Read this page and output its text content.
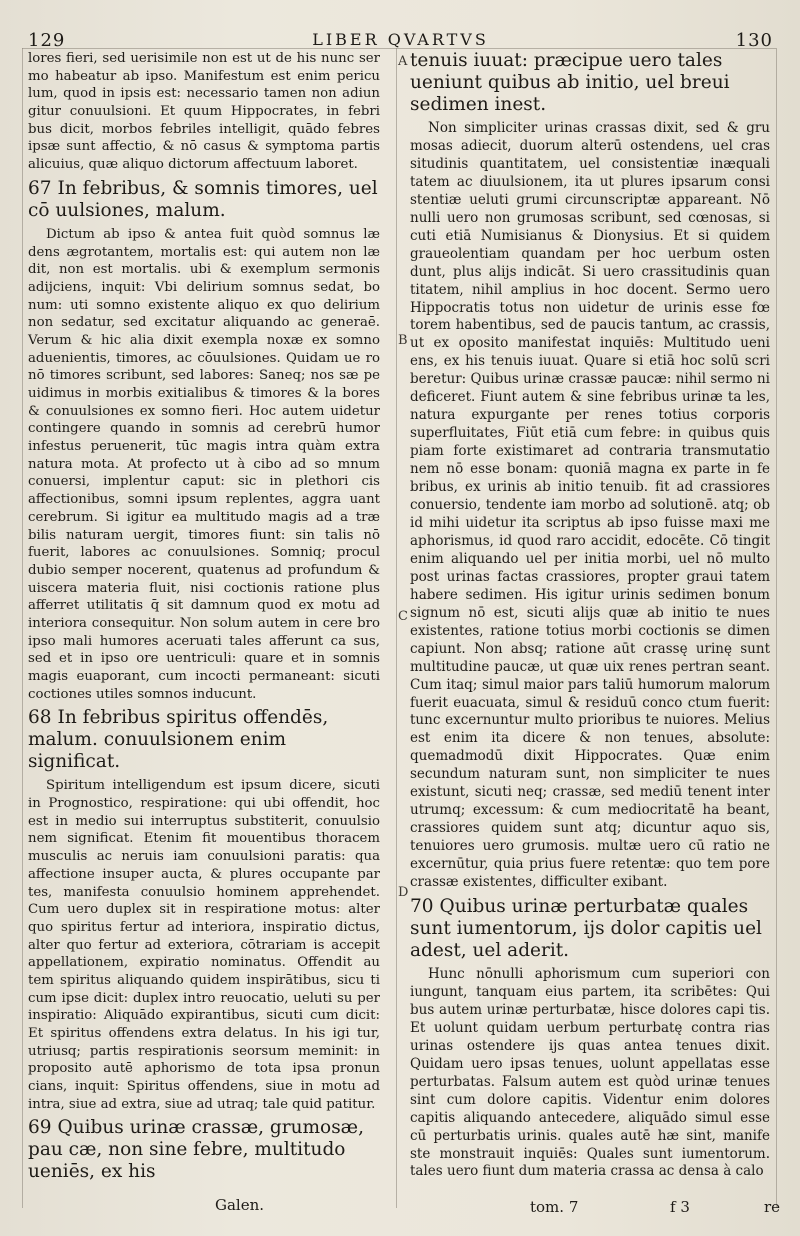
129	LIBER QVARTVS	130
A
B
C
D

lores fieri, sed uerisimile non est ut de his nunc ser mo habeatur ab ipso. Manifestum est enim pericu lum, quod in ipsis est: necessario tamen non adiun gitur conuulsioni. Et quum Hippocrates, in febri bus dicit, morbos febriles intelligit, quādo febres ipsæ sunt affectio, & nō casus & symptoma partis alicuius, quæ aliquo dictorum affectuum laboret.

67 In febribus, & somnis timores, uel cō uulsiones, malum.

Dictum ab ipso & antea fuit quòd somnus læ dens ægrotantem, mortalis est: qui autem non læ dit, non est mortalis. ubi & exemplum sermonis adijciens, inquit: Vbi delirium somnus sedat, bo num: uti somno existente aliquo ex quo delirium non sedatur, sed excitatur aliquando ac generaē. Verum & hic alia dixit exempla noxæ ex somno aduenientis, timores, ac cōuulsiones. Quidam ue ro nō timores scribunt, sed labores: Saneq; nos sæ pe uidimus in morbis exitialibus & timores & la bores & conuulsiones ex somno fieri. Hoc autem uidetur contingere quando in somnis ad cerebrū humor infestus peruenerit, tūc magis intra quàm extra natura mota. At profecto ut à cibo ad so mnum conuersi, implentur caput: sic in plethori cis affectionibus, somni ipsum replentes, aggra uant cerebrum. Si igitur ea multitudo magis ad a træ bilis naturam uergit, timores fiunt: sin talis nō fuerit, labores ac conuulsiones. Somniq; procul dubio semper nocerent, quatenus ad profundum & uiscera materia fluit, nisi coctionis ratione plus afferret utilitatis q̄ sit damnum quod ex motu ad interiora consequitur. Non solum autem in cere bro ipso mali humores aceruati tales afferunt ca sus, sed et in ipso ore uentriculi: quare et in somnis magis euaporant, cum incocti permaneant: sicuti coctiones utiles somnos inducunt.

68 In febribus spiritus offendēs, malum. conuulsionem enim significat.

Spiritum intelligendum est ipsum dicere, sicuti in Prognostico, respiratione: qui ubi offendit, hoc est in medio sui interruptus substiterit, conuulsio nem significat. Etenim fit mouentibus thoracem musculis ac neruis iam conuulsioni paratis: qua affectione insuper aucta, & plures occupante par tes, manifesta conuulsio hominem apprehendet. Cum uero duplex sit in respiratione motus: alter quo spiritus fertur ad interiora, inspiratio dictus, alter quo fertur ad exteriora, cōtrariam is accepit appellationem, expiratio nominatus. Offendit au tem spiritus aliquando quidem inspirātibus, sicu ti cum ipse dicit: duplex intro reuocatio, ueluti su per inspiratio: Aliquādo expirantibus, sicuti cum dicit: Et spiritus offendens extra delatus. In his igi tur, utriusq; partis respirationis seorsum meminit: in proposito autē aphorismo de tota ipsa pronun cians, inquit: Spiritus offendens, siue in motu ad intra, siue ad extra, siue ad utraq; tale quid patitur.

69 Quibus urinæ crassæ, grumosæ, pau cæ, non sine febre, multitudo ueniēs, ex his
Galen.
tenuis iuuat: præcipue uero tales ueniunt quibus ab initio, uel breui sedimen inest.

Non simpliciter urinas crassas dixit, sed & gru mosas adiecit, duorum alterū ostendens, uel cras situdinis quantitatem, uel consistentiæ inæquali tatem ac diuulsionem, ita ut plures ipsarum consi stentiæ ueluti grumi circunscriptæ appareant. Nō nulli uero non grumosas scribunt, sed cœnosas, si cuti etiā Numisianus & Dionysius. Et si quidem graueolentiam quandam per hoc uerbum osten dunt, plus alijs indicāt. Si uero crassitudinis quan titatem, nihil amplius in hoc docent. Sermo uero Hippocratis totus non uidetur de urinis esse fœ torem habentibus, sed de paucis tantum, ac crassis, ut ex oposito manifestat inquiēs: Multitudo ueni ens, ex his tenuis iuuat. Quare si etiā hoc solū scri beretur: Quibus urinæ crassæ paucæ: nihil sermo ni deficeret. Fiunt autem & sine febribus urinæ ta les, natura expurgante per renes totius corporis superfluitates, Fiūt etiā cum febre: in quibus quis piam forte existimaret ad contraria transmutatio nem nō esse bonam: quoniā magna ex parte in fe bribus, ex urinis ab initio tenuib. fit ad crassiores conuersio, tendente iam morbo ad solutionē. atq; ob id mihi uidetur ita scriptus ab ipso fuisse maxi me aphorismus, id quod raro accidit, edocēte. Cō tingit enim aliquando uel per initia morbi, uel nō multo post urinas factas crassiores, propter graui tatem habere sedimen. His igitur urinis sedimen bonum signum nō est, sicuti alijs quæ ab initio te nues existentes, ratione totius morbi coctionis se dimen capiunt. Non absq; ratione aūt crassę urinę sunt multitudine paucæ, ut quæ uix renes pertran seant. Cum itaq; simul maior pars taliū humorum malorum fuerit euacuata, simul & residuū conco ctum fuerit: tunc excernuntur multo prioribus te nuiores. Melius est enim ita dicere & non tenues, absolute: quemadmodū dixit Hippocrates. Quæ enim secundum naturam sunt, non simpliciter te nues existunt, sicuti neq; crassæ, sed mediū tenent inter utrumq; excessum: & cum mediocritatē ha beant, crassiores quidem sunt atq; dicuntur aquo sis, tenuiores uero grumosis. multæ uero cū ratio ne excernūtur, quia prius fuere retentæ: quo tem pore crassæ existentes, difficulter exibant.

70 Quibus urinæ perturbatæ quales sunt iumentorum, ijs dolor capitis uel adest, uel aderit.

Hunc nōnulli aphorismum cum superiori con iungunt, tanquam eius partem, ita scribētes: Qui bus autem urinæ perturbatæ, hisce dolores capi tis. Et uolunt quidam uerbum perturbatę contra rias urinas ostendere ijs quas antea tenues dixit. Quidam uero ipsas tenues, uolunt appellatas esse perturbatas. Falsum autem est quòd urinæ tenues sint cum dolore capitis. Videntur enim dolores capitis aliquando antecedere, aliquādo simul esse cū perturbatis urinis. quales autē hæ sint, manife ste monstrauit inquiēs: Quales sunt iumentorum. tales uero fiunt dum materia crassa ac densa à calo

tom. 7	f 3	re
